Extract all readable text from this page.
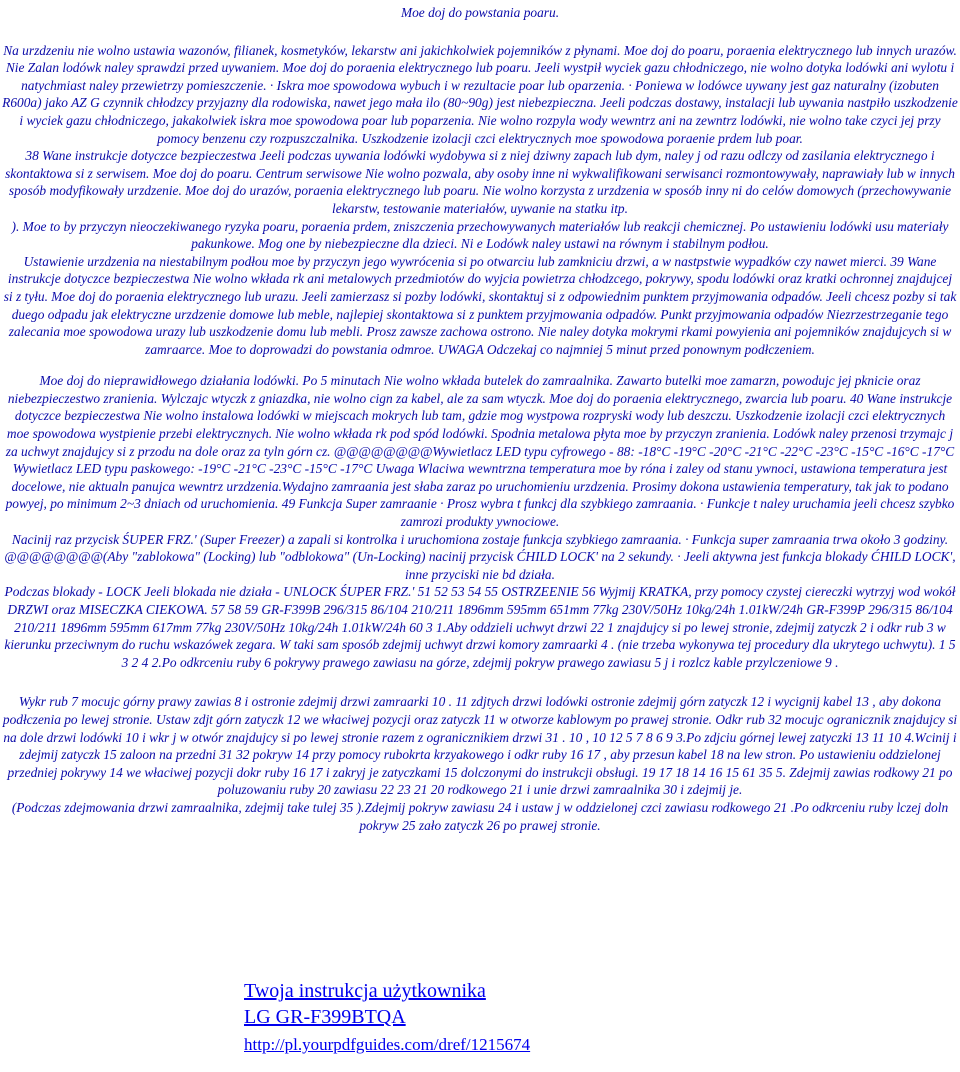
Moe doj do powstania poaru.

Na urzdzeniu nie wolno ustawia wazonów, filianek, kosmetyków, lekarstw ani jakichkolwiek pojemników z płynami. Moe doj do poaru, poraenia elektrycznego lub innych urazów. Nie Zalan lodówk naley sprawdzi przed uywaniem. Moe doj do poraenia elektrycznego lub poaru. Jeeli wystpił wyciek gazu chłodniczego, nie wolno dotyka lodówki ani wylotu i natychmiast naley przewietrzy pomieszczenie. · Iskra moe spowodowa wybuch i w rezultacie poar lub oparzenia. · Poniewa w lodówce uywany jest gaz naturalny (izobuten R600a) jako AZ G czynnik chłodzcy przyjazny dla rodowiska, nawet jego mała ilo (80~90g) jest niebezpieczna. Jeeli podczas dostawy, instalacji lub uywania nastpiło uszkodzenie i wyciek gazu chłodniczego, jakakolwiek iskra moe spowodowa poar lub poparzenia. Nie wolno rozpyla wody wewntrz ani na zewntrz lodówki, nie wolno take czyci jej przy pomocy benzenu czy rozpuszczalnika. Uszkodzenie izolacji czci elektrycznych moe spowodowa poraenie prdem lub poar.

38 Wane instrukcje dotyczce bezpieczestwa Jeeli podczas uywania lodówki wydobywa si z niej dziwny zapach lub dym, naley j od razu odlczy od zasilania elektrycznego i skontaktowa si z serwisem. Moe doj do poaru. Centrum serwisowe Nie wolno pozwala, aby osoby inne ni wykwalifikowani serwisanci rozmontowywały, naprawiały lub w innych sposób modyfikowały urzdzenie. Moe doj do urazów, poraenia elektrycznego lub poaru. Nie wolno korzysta z urzdzenia w sposób inny ni do celów domowych (przechowywanie lekarstw, testowanie materiałów, uywanie na statku itp.

). Moe to by przyczyn nieoczekiwanego ryzyka poaru, poraenia prdem, zniszczenia przechowywanych materiałów lub reakcji chemicznej. Po ustawieniu lodówki usu materiały pakunkowe. Mog one by niebezpieczne dla dzieci. Ni e Lodówk naley ustawi na równym i stabilnym podłou.

Ustawienie urzdzenia na niestabilnym podłou moe by przyczyn jego wywrócenia si po otwarciu lub zamkniciu drzwi, a w nastpstwie wypadków czy nawet mierci. 39 Wane instrukcje dotyczce bezpieczestwa Nie wolno wkłada rk ani metalowych przedmiotów do wyjcia powietrza chłodzcego, pokrywy, spodu lodówki oraz kratki ochronnej znajdujcej si z tyłu. Moe doj do poraenia elektrycznego lub urazu. Jeeli zamierzasz si pozby lodówki, skontaktuj si z odpowiednim punktem przyjmowania odpadów. Jeeli chcesz pozby si tak duego odpadu jak elektryczne urzdzenie domowe lub meble, najlepiej skontaktowa si z punktem przyjmowania odpadów. Punkt przyjmowania odpadów Niezrzestrzeganie tego zalecania moe spowodowa urazy lub uszkodzenie domu lub mebli. Prosz zawsze zachowa ostrono. Nie naley dotyka mokrymi rkami powyienia ani pojemników znajdujcych si w zamraarce. Moe to doprowadzi do powstania odmroe. UWAGA Odczekaj co najmniej 5 minut przed ponownym podłczeniem.

Moe doj do nieprawidłowego działania lodówki. Po 5 minutach Nie wolno wkłada butelek do zamraalnika. Zawarto butelki moe zamarzn, powodujc jej pknicie oraz niebezpieczestwo zranienia. Wylczajc wtyczk z gniazdka, nie wolno cign za kabel, ale za sam wtyczk. Moe doj do poraenia elektrycznego, zwarcia lub poaru. 40 Wane instrukcje dotyczce bezpieczestwa Nie wolno instalowa lodówki w miejscach mokrych lub tam, gdzie mog wystpowa rozpryski wody lub deszczu. Uszkodzenie izolacji czci elektrycznych moe spowodowa wystpienie przebi elektrycznych. Nie wolno wkłada rk pod spód lodówki. Spodnia metalowa płyta moe by przyczyn zranienia. Lodówk naley przenosi trzymajc j za uchwyt znajdujcy si z przodu na dole oraz za tyln górn cz. @@@@@@@@Wywietlacz LED typu cyfrowego - 88: -18°C -19°C -20°C -21°C -22°C -23°C -15°C -16°C -17°C Wywietlacz LED typu paskowego: -19°C -21°C -23°C -15°C -17°C Uwaga Wlaciwa wewntrzna temperatura moe by róna i zaley od stanu ywnoci, ustawiona temperatura jest docelowe, nie aktualn panujca wewntrz urzdzenia.Wydajno zamraania jest słaba zaraz po uruchomieniu urzdzenia. Prosimy dokona ustawienia temperatury, tak jak to podano powyej, po minimum 2~3 dniach od uruchomienia. 49 Funkcja Super zamraanie · Prosz wybra t funkcj dla szybkiego zamraania. · Funkcje t naley uruchamia jeeli chcesz szybko zamrozi produkty ywnociowe.

Nacinij raz przycisk ŚUPER FRZ.' (Super Freezer) a zapali si kontrolka i uruchomiona zostaje funkcja szybkiego zamraania. · Funkcja super zamraania trwa około 3 godziny. @@@@@@@@(Aby "zablokowa" (Locking) lub "odblokowa" (Un-Locking) nacinij przycisk ĆHILD LOCK' na 2 sekundy. · Jeeli aktywna jest funkcja blokady ĆHILD LOCK', inne przyciski nie bd działa.

Podczas blokady - LOCK Jeeli blokada nie działa - UNLOCK ŚUPER FRZ.' 51 52 53 54 55 OSTRZEENIE 56 Wyjmij KRATKA, przy pomocy czystej ciereczki wytrzyj wod wokół DRZWI oraz MISECZKA CIEKOWA. 57 58 59 GR-F399B 296/315 86/104 210/211 1896mm 595mm 651mm 77kg 230V/50Hz 10kg/24h 1.01kW/24h GR-F399P 296/315 86/104 210/211 1896mm 595mm 617mm 77kg 230V/50Hz 10kg/24h 1.01kW/24h 60 3 1.Aby oddzieli uchwyt drzwi 22 1 znajdujcy si po lewej stronie, zdejmij zatyczk 2 i odkr rub 3 w kierunku przeciwnym do ruchu wskazówek zegara. W taki sam sposób zdejmij uchwyt drzwi komory zamraarki 4 . (nie trzeba wykonywa tej procedury dla ukrytego uchwytu). 1 5 3 2 4 2.Po odkrceniu ruby 6 pokrywy prawego zawiasu na górze, zdejmij pokryw prawego zawiasu 5 j i rozlcz kable przylczeniowe 9 .

Wykr rub 7 mocujc górny prawy zawias 8 i ostronie zdejmij drzwi zamraarki 10 . 11 zdjtych drzwi lodówki ostronie zdejmij górn zatyczk 12 i wycignij kabel 13 , aby dokona podłczenia po lewej stronie. Ustaw zdjt górn zatyczk 12 we właciwej pozycji oraz zatyczk 11 w otworze kablowym po prawej stronie. Odkr rub 32 mocujc ogranicznik znajdujcy si na dole drzwi lodówki 10 i wkr j w otwór znajdujcy si po lewej stronie razem z ogranicznikiem drzwi 31 . 10 , 10 12 5 7 8 6 9 3.Po zdjciu górnej lewej zatyczki 13 11 10 4.Wcinij i zdejmij zatyczk 15 zaloon na przedni 31 32 pokryw 14 przy pomocy rubokrta krzyakowego i odkr ruby 16 17 , aby przesun kabel 18 na lew stron. Po ustawieniu oddzielonej przedniej pokrywy 14 we właciwej pozycji dokr ruby 16 17 i zakryj je zatyczkami 15 dolczonymi do instrukcji obsługi. 19 17 18 14 16 15 61 35 5. Zdejmij zawias rodkowy 21 po poluzowaniu ruby 20 zawiasu 22 23 21 20 rodkowego 21 i unie drzwi zamraalnika 30 i zdejmij je.

(Podczas zdejmowania drzwi zamraalnika, zdejmij take tulej 35 ).Zdejmij pokryw zawiasu 24 i ustaw j w oddzielonej czci zawiasu rodkowego 21 .Po odkrceniu ruby lczej doln pokryw 25 zało zatyczk 26 po prawej stronie.

Twoja instrukcja użytkownika
LG GR-F399BTQA
http://pl.yourpdfguides.com/dref/1215674
